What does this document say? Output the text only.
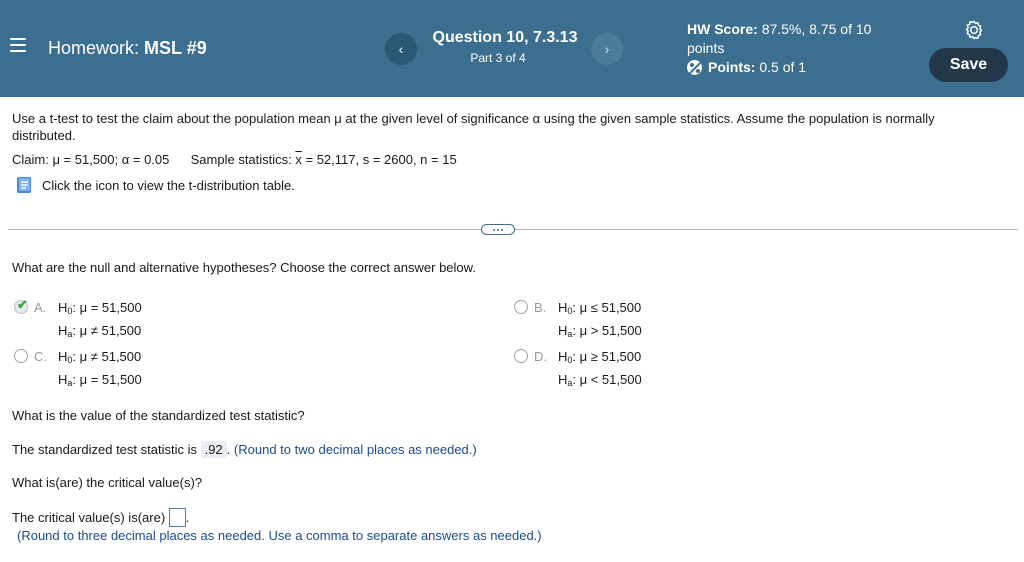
Homework: MSL #9	‹
Question 10, 7.3.13
Part 3 of 4
›
HW Score: 87.5%, 8.75 of 10
points
Points: 0.5 of 1	Save
Use a t-test to test the claim about the population mean μ at the given level of significance α using the given sample statistics. Assume the population is normally
distributed.
Claim: μ = 51,500; α = 0.05 Sample statistics: $\overline{x} = 52,117$, s = 2600, n = 15
Click the icon to view the t-distribution table.
What are the null and alternative hypotheses? Choose the correct answer below.
✔ A. $H_0$: μ = 51,500
$H_a$: μ ≠ 51,500
B. $H_0$: μ ≤ 51,500
$H_a$: μ > 51,500
C. $H_0$: μ ≠ 51,500
$H_a$: μ = 51,500
D. $H_0$: μ ≥ 51,500
$H_a$: μ < 51,500
What is the value of the standardized test statistic?
The standardized test statistic is .92 . (Round to two decimal places as needed.)
What is(are) the critical value(s)?
The critical value(s) is(are) .
(Round to three decimal places as needed. Use a comma to separate answers as needed.)
